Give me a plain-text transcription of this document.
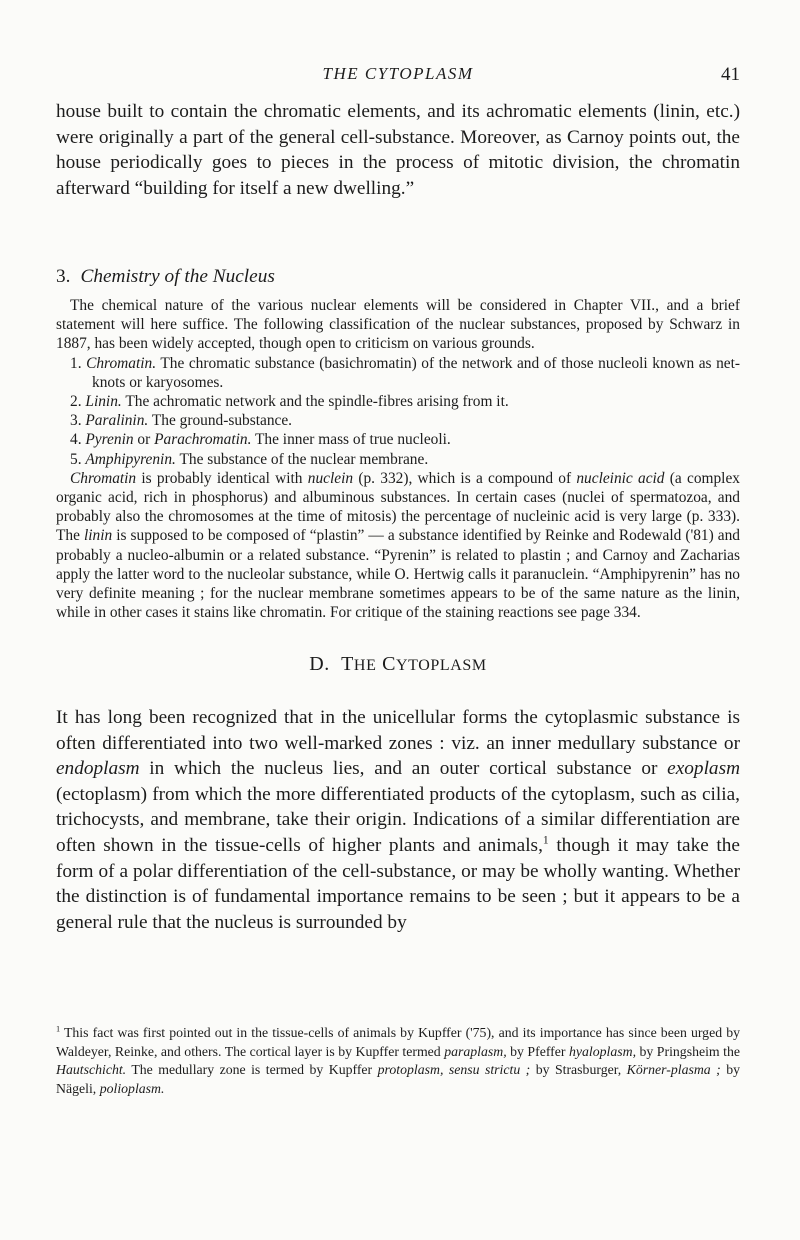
THE CYTOPLASM	41

house built to contain the chromatic elements, and its achromatic elements (linin, etc.) were originally a part of the general cell-substance. Moreover, as Carnoy points out, the house periodically goes to pieces in the process of mitotic division, the chromatin afterward “building for itself a new dwelling.”

3. Chemistry of the Nucleus

The chemical nature of the various nuclear elements will be considered in Chapter VII., and a brief statement will here suffice. The following classification of the nuclear substances, proposed by Schwarz in 1887, has been widely accepted, though open to criticism on various grounds.

1. Chromatin. The chromatic substance (basichromatin) of the network and of those nucleoli known as net-knots or karyosomes.
2. Linin. The achromatic network and the spindle-fibres arising from it.
3. Paralinin. The ground-substance.
4. Pyrenin or Parachromatin. The inner mass of true nucleoli.
5. Amphipyrenin. The substance of the nuclear membrane.

Chromatin is probably identical with nuclein (p. 332), which is a compound of nucleinic acid (a complex organic acid, rich in phosphorus) and albuminous substances. In certain cases (nuclei of spermatozoa, and probably also the chromosomes at the time of mitosis) the percentage of nucleinic acid is very large (p. 333). The linin is supposed to be composed of “plastin” — a substance identified by Reinke and Rodewald ('81) and probably a nucleo-albumin or a related substance. “Pyrenin” is related to plastin ; and Carnoy and Zacharias apply the latter word to the nucleolar substance, while O. Hertwig calls it paranuclein. “Amphipyrenin” has no very definite meaning ; for the nuclear membrane sometimes appears to be of the same nature as the linin, while in other cases it stains like chromatin. For critique of the staining reactions see page 334.

D. THE CYTOPLASM

It has long been recognized that in the unicellular forms the cytoplasmic substance is often differentiated into two well-marked zones : viz. an inner medullary substance or endoplasm in which the nucleus lies, and an outer cortical substance or exoplasm (ectoplasm) from which the more differentiated products of the cytoplasm, such as cilia, trichocysts, and membrane, take their origin. Indications of a similar differentiation are often shown in the tissue-cells of higher plants and animals,$^1$ though it may take the form of a polar differentiation of the cell-substance, or may be wholly wanting. Whether the distinction is of fundamental importance remains to be seen ; but it appears to be a general rule that the nucleus is surrounded by

$^1$ This fact was first pointed out in the tissue-cells of animals by Kupffer ('75), and its importance has since been urged by Waldeyer, Reinke, and others. The cortical layer is by Kupffer termed paraplasm, by Pfeffer hyaloplasm, by Pringsheim the Hautschicht. The medullary zone is termed by Kupffer protoplasm, sensu strictu ; by Strasburger, Körner-plasma ; by Nägeli, polioplasm.
